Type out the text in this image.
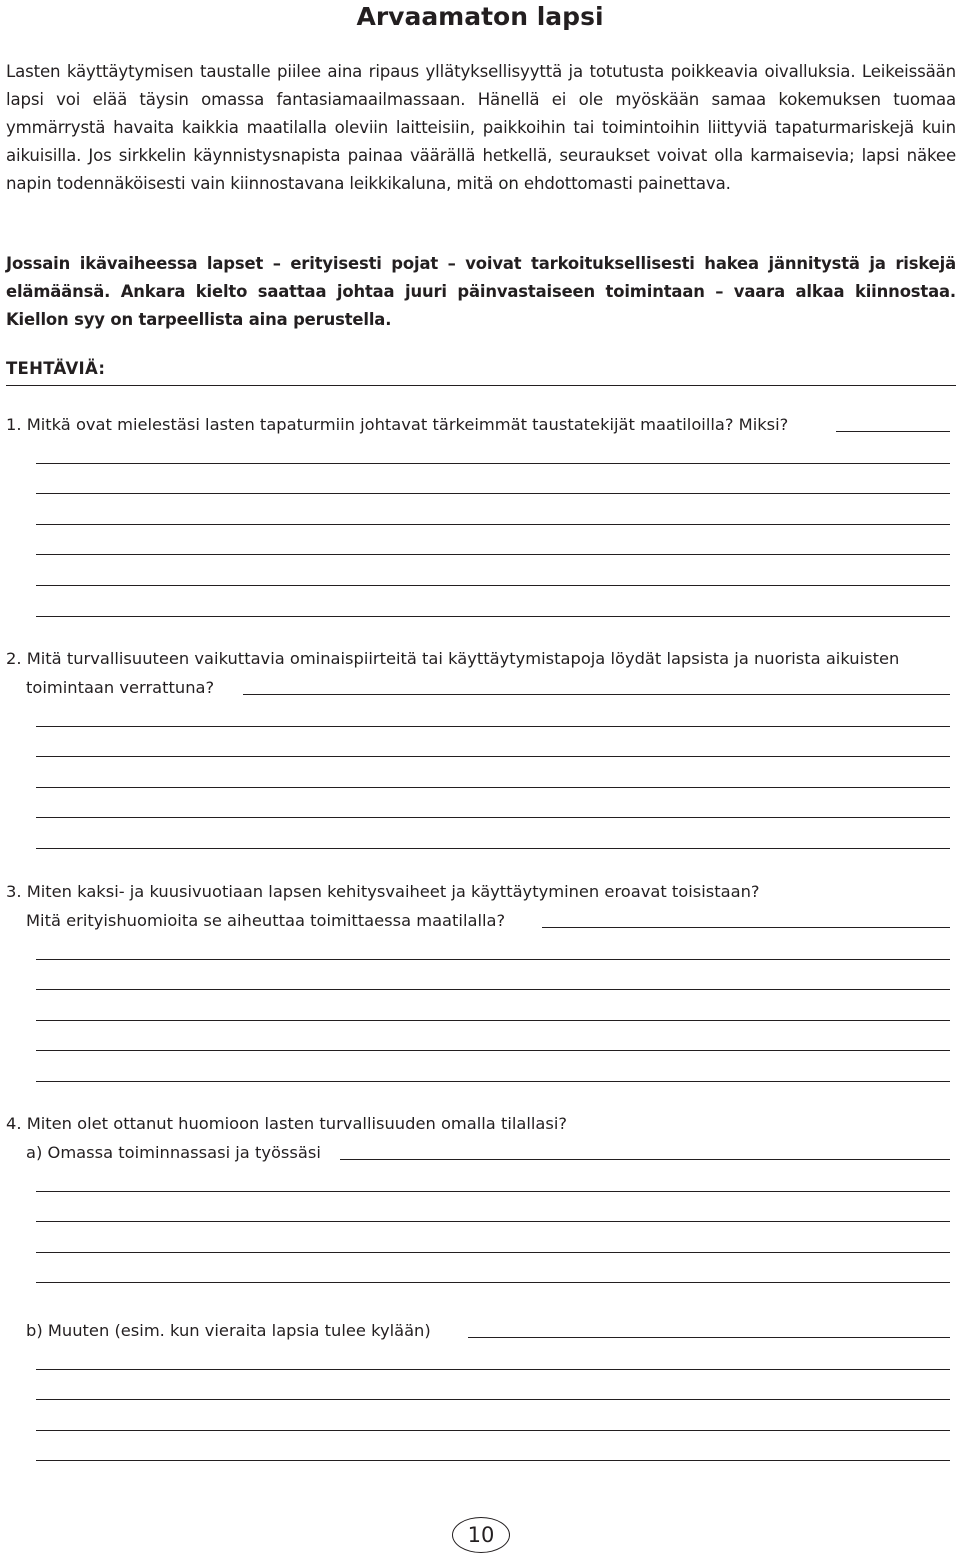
Arvaamaton lapsi
Lasten käyttäytymisen taustalle piilee aina ripaus yllätyksellisyyttä ja totutusta poikkeavia oivalluksia. Leikeissään lapsi voi elää täysin omassa fantasiamaailmassaan. Hänellä ei ole myöskään samaa kokemuksen tuomaa ymmärrystä havaita kaikkia maatilalla oleviin laitteisiin, paikkoihin tai toimintoihin liittyviä tapaturmariskejä kuin aikuisilla. Jos sirkkelin käynnistysnapista painaa väärällä hetkellä, seuraukset voivat olla karmaisevia; lapsi näkee napin todennäköisesti vain kiinnostavana leikkikaluna, mitä on ehdottomasti painettava.
Jossain ikävaiheessa lapset – erityisesti pojat – voivat tarkoituksellisesti hakea jännitystä ja riskejä elämäänsä. Ankara kielto saattaa johtaa juuri päinvastaiseen toimintaan – vaara alkaa kiinnostaa. Kiellon syy on tarpeellista aina perustella.
TEHTÄVIÄ:
1. Mitkä ovat mielestäsi lasten tapaturmiin johtavat tärkeimmät taustatekijät maatiloilla? Miksi?
2. Mitä turvallisuuteen vaikuttavia ominaispiirteitä tai käyttäytymistapoja löydät lapsista ja nuorista aikuisten
toimintaan verrattuna?
3. Miten kaksi- ja kuusivuotiaan lapsen kehitysvaiheet ja käyttäytyminen eroavat toisistaan?
Mitä erityishuomioita se aiheuttaa toimittaessa maatilalla?
4. Miten olet ottanut huomioon lasten turvallisuuden omalla tilallasi?
a) Omassa toiminnassasi ja työssäsi
b) Muuten (esim. kun vieraita lapsia tulee kylään)
10
